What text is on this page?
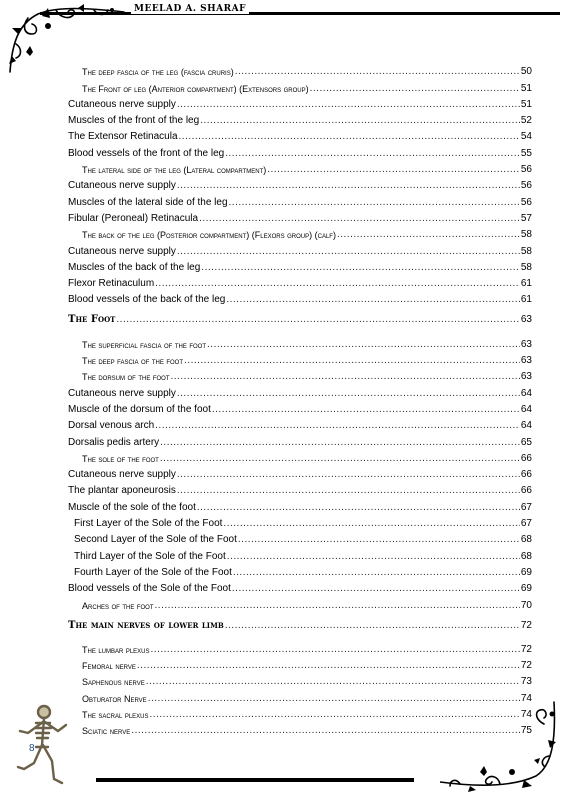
MEELAD A. SHARAF
The deep fascia of the leg (fascia cruris) .....	50
The Front of leg (Anterior compartment) (Extensors group) .....	51
Cutaneous nerve supply .....	51
Muscles of the front of the leg .....	52
The Extensor Retinacula .....	54
Blood vessels of the front of the leg .....	55
The lateral side of the leg (Lateral compartment) .....	56
Cutaneous nerve supply .....	56
Muscles of the lateral side of the leg .....	56
Fibular (Peroneal) Retinacula .....	57
The back of the leg (Posterior compartment) (Flexors group) (calf) .....	58
Cutaneous nerve supply .....	58
Muscles of the back of the leg .....	58
Flexor Retinaculum .....	61
Blood vessels of the back of the leg .....	61
The Foot .....	63
The superficial fascia of the foot .....	63
The deep fascia of the foot .....	63
The dorsum of the foot .....	63
Cutaneous nerve supply .....	64
Muscle of the dorsum of the foot .....	64
Dorsal venous arch .....	64
Dorsalis pedis artery .....	65
The sole of the foot .....	66
Cutaneous nerve supply .....	66
The plantar aponeurosis .....	66
Muscle of the sole of the foot .....	67
First Layer of the Sole of the Foot .....	67
Second Layer of the Sole of the Foot .....	68
Third Layer of the Sole of the Foot .....	68
Fourth Layer of the Sole of the Foot .....	69
Blood vessels of the Sole of the Foot .....	69
Arches of the foot .....	70
The main nerves of lower limb .....	72
The lumbar plexus .....	72
Femoral nerve .....	72
Saphenous nerve .....	73
Obturator Nerve .....	74
The sacral plexus .....	74
Sciatic nerve .....	75
8
